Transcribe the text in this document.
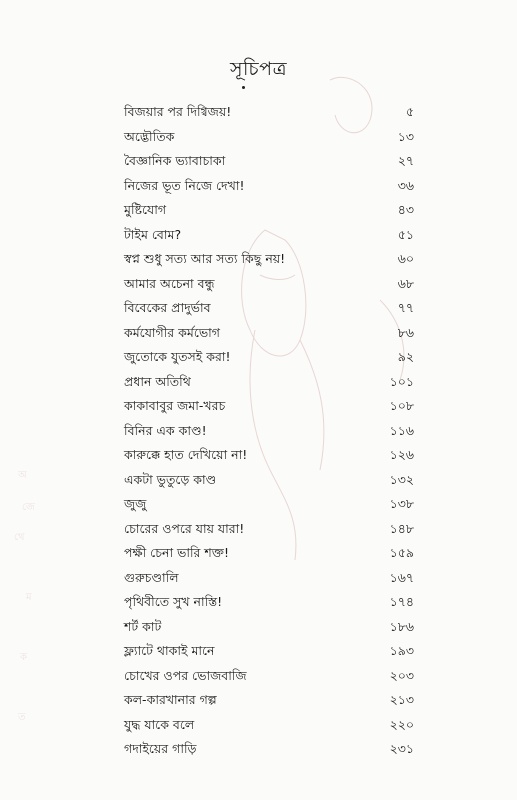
অ
জে
থে
ম
ক
ত
সূচিপত্র
বিজয়ার পর দিগ্বিজয়!	৫
অদ্ভৌতিক	১৩
বৈজ্ঞানিক ভ্যাবাচাকা	২৭
নিজের ভূত নিজে দেখা!	৩৬
মুষ্টিযোগ	৪৩
টাইম বোম?	৫১
স্বপ্ন শুধু সত্য আর সত্য কিছু নয়!	৬০
আমার অচেনা বন্ধু	৬৮
বিবেকের প্রাদুর্ভাব	৭৭
কর্মযোগীর কর্মভোগ	৮৬
জুতোকে যুতসই করা!	৯২
প্রধান অতিথি	১০১
কাকাবাবুর জমা-খরচ	১০৮
বিনির এক কাণ্ড!	১১৬
কারুক্কে হাত দেখিয়ো না!	১২৬
একটা ভুতুড়ে কাণ্ড	১৩২
জুজু	১৩৮
চোরের ওপরে যায় যারা!	১৪৮
পক্ষী চেনা ভারি শক্ত!	১৫৯
গুরুচণ্ডালি	১৬৭
পৃথিবীতে সুখ নাস্তি!	১৭৪
শর্ট কাট	১৮৬
ফ্ল্যাটে থাকাই মানে	১৯৩
চোখের ওপর ভোজবাজি	২০৩
কল-কারখানার গল্প	২১৩
যুদ্ধ যাকে বলে	২২০
গদাইয়ের গাড়ি	২৩১
